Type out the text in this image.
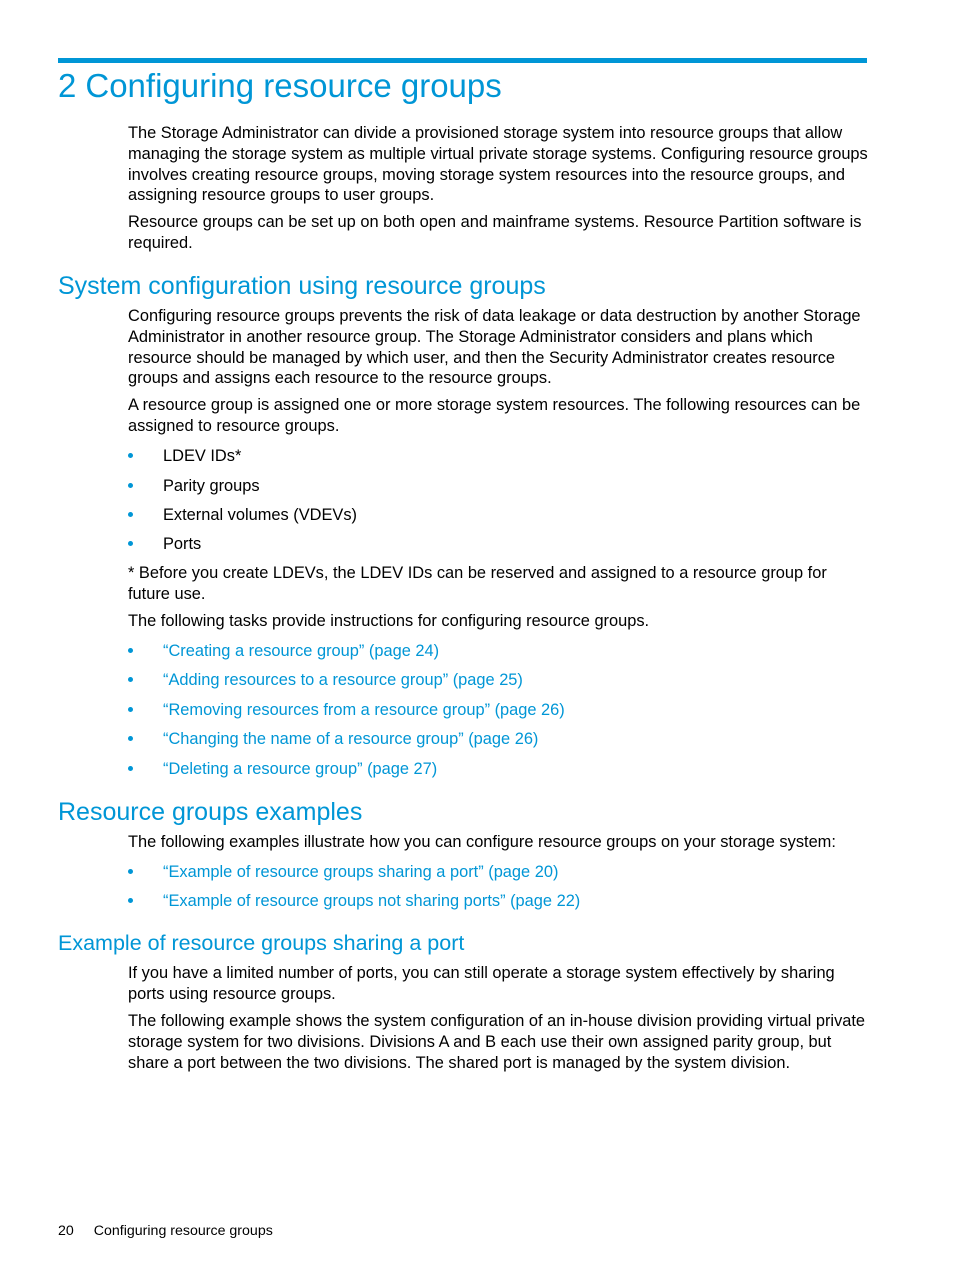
2 Configuring resource groups

The Storage Administrator can divide a provisioned storage system into resource groups that allow managing the storage system as multiple virtual private storage systems. Configuring resource groups involves creating resource groups, moving storage system resources into the resource groups, and assigning resource groups to user groups.

Resource groups can be set up on both open and mainframe systems. Resource Partition software is required.

System configuration using resource groups

Configuring resource groups prevents the risk of data leakage or data destruction by another Storage Administrator in another resource group. The Storage Administrator considers and plans which resource should be managed by which user, and then the Security Administrator creates resource groups and assigns each resource to the resource groups.

A resource group is assigned one or more storage system resources. The following resources can be assigned to resource groups.

LDEV IDs*
Parity groups
External volumes (VDEVs)
Ports

* Before you create LDEVs, the LDEV IDs can be reserved and assigned to a resource group for future use.

The following tasks provide instructions for configuring resource groups.

“Creating a resource group” (page 24)
“Adding resources to a resource group” (page 25)
“Removing resources from a resource group” (page 26)
“Changing the name of a resource group” (page 26)
“Deleting a resource group” (page 27)
Resource groups examples

The following examples illustrate how you can configure resource groups on your storage system:

“Example of resource groups sharing a port” (page 20)
“Example of resource groups not sharing ports” (page 22)
Example of resource groups sharing a port

If you have a limited number of ports, you can still operate a storage system effectively by sharing ports using resource groups.

The following example shows the system configuration of an in-house division providing virtual private storage system for two divisions. Divisions A and B each use their own assigned parity group, but share a port between the two divisions. The shared port is managed by the system division.

20 Configuring resource groups
